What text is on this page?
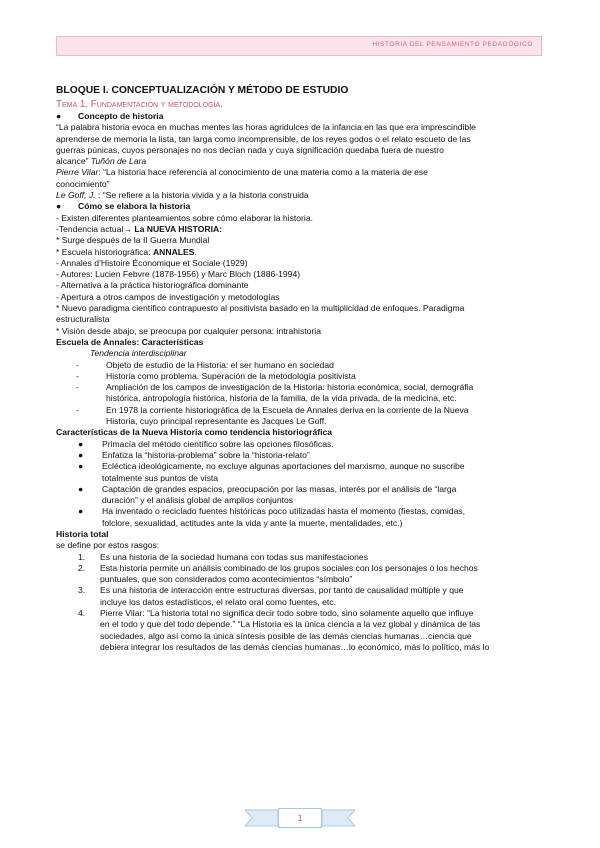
HISTORIA DEL PENSAMIENTO PEDAGÓGICO
BLOQUE I. CONCEPTUALIZACIÓN Y MÉTODO DE ESTUDIO
Tema 1. Fundamentación y metodología.
● Concepto de historia
“La palabra historia evoca en muchas mentes las horas agridulces de la infancia en las que era imprescindible
aprenderse de memoria la lista, tan larga como incomprensible, de los reyes godos o el relato escueto de las
guerras púnicas, cuyos personajes no nos decían nada y cuya significación quedaba fuera de nuestro
alcance” Tuñón de Lara
Pierre Vilar: “La historia hace referencia al conocimiento de una materia como a la materia de ese
conocimiento”
Le Goff, J. : “Se refiere a la historia vivida y a la historia construida
● Cómo se elabora la historia
- Existen diferentes planteamientos sobre cómo elaborar la historia.
-Tendencia actual→ La NUEVA HISTORIA:
* Surge después de la II Guerra Mundial
* Escuela historiográfica: ANNALES.
- Annales d’Histoire Économique et Sociale (1929)
- Autores: Lucien Febvre (1878-1956) y Marc Bloch (1886-1994)
- Alternativa a la práctica historiográfica dominante
- Apertura a otros campos de investigación y metodologías
* Nuevo paradigma científico contrapuesto al positivista basado en la multiplicidad de enfoques. Paradigma
estructuralista
* Visión desde abajo, se preocupa por cualquier persona: intrahistoria
Escuela de Annales: Características
Tendencia interdisciplinar
-	Objeto de estudio de la Historia: el ser humano en sociedad
-	Historia como problema. Superación de la metodología positivista
-	Ampliación de los campos de investigación de la Historia: historia económica, social, demográfia
histórica, antropología histórica, historia de la familia, de la vida privada, de la medicina, etc.
-	En 1978 la corriente historiográfica de la Escuela de Annales deriva en la corriente de la Nueva
Historia, cuyo principal representante es Jacques Le Goff.
Características de la Nueva Historia como tendencia historiográfica
●	Primacía del método científico sobre las opciones filosóficas.
●	Enfatiza la “historia-problema” sobre la “historia-relato”
●	Ecléctica ideológicamente, no excluye algunas aportaciones del marxismo, aunque no suscribe
totalmente sus puntos de vista
●	Captación de grandes espacios, preocupación por las masas, interés por el análisis de “larga
duración” y el análisis global de amplios conjuntos
●	Ha inventado o reciclado fuentes históricas poco utilizadas hasta el momento (fiestas, comidas,
folclore, sexualidad, actitudes ante la vida y ante la muerte, mentalidades, etc.)
Historia total
se define por estos rasgos:
1.	Es una historia de la sociedad humana con todas sus manifestaciones
2.	Esta historia permite un análisis combinado de los grupos sociales con los personajes o los hechos
puntuales, que son considerados como acontecimientos “símbolo”
3.	Es una historia de interacción entre estructuras diversas, por tanto de causalidad múltiple y que
incluye los datos estadísticos, el relato oral como fuentes, etc.
4.	Pierre Vilar: “La historia total no significa decir todo sobre todo, sino solamente aquello que influye
en el todo y que del todo depende.” “La Historia es la única ciencia a la vez global y dinámica de las
sociedades, algo así como la única síntesis posible de las demás ciencias humanas…ciencia que
debiera integrar los resultados de las demás ciencias humanas…lo económico, más lo político, más lo
1
